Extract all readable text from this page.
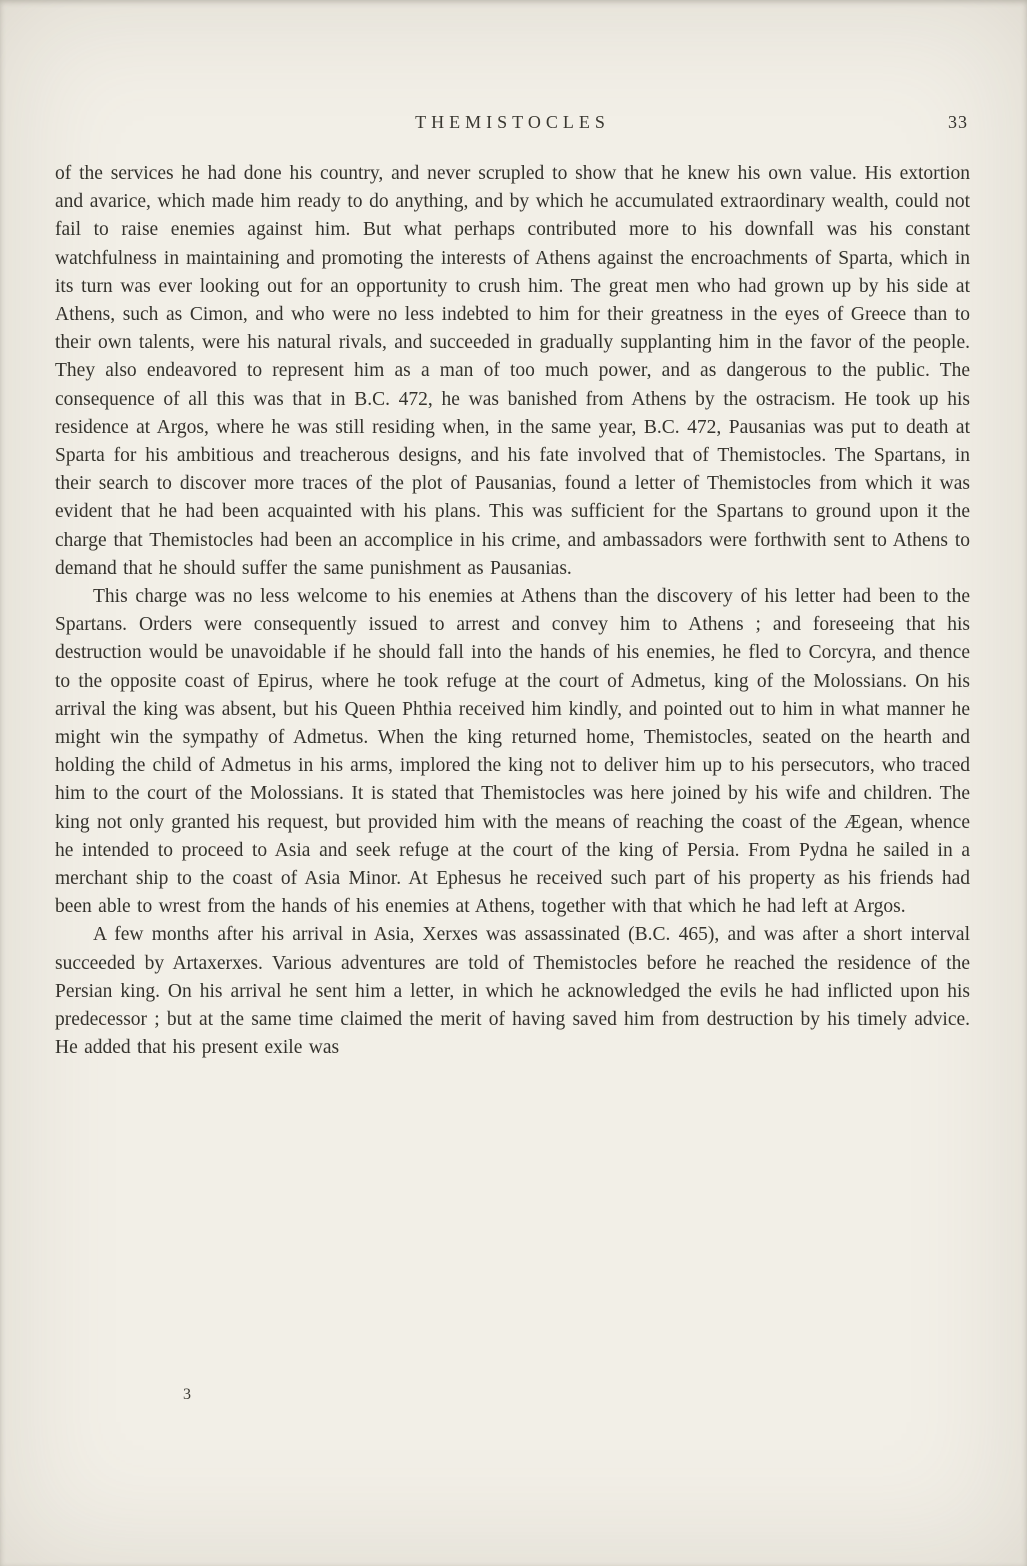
THEMISTOCLES	33

of the services he had done his country, and never scrupled to show that he knew his own value. His extortion and avarice, which made him ready to do anything, and by which he accumulated extraordinary wealth, could not fail to raise enemies against him. But what perhaps contributed more to his downfall was his constant watchfulness in maintaining and promoting the interests of Athens against the encroachments of Sparta, which in its turn was ever looking out for an opportunity to crush him. The great men who had grown up by his side at Athens, such as Cimon, and who were no less indebted to him for their greatness in the eyes of Greece than to their own talents, were his natural rivals, and succeeded in gradually supplanting him in the favor of the people. They also endeavored to represent him as a man of too much power, and as dangerous to the public. The consequence of all this was that in B.C. 472, he was banished from Athens by the ostracism. He took up his residence at Argos, where he was still residing when, in the same year, B.C. 472, Pausanias was put to death at Sparta for his ambitious and treacherous designs, and his fate involved that of Themistocles. The Spartans, in their search to discover more traces of the plot of Pausanias, found a letter of Themistocles from which it was evident that he had been acquainted with his plans. This was sufficient for the Spartans to ground upon it the charge that Themistocles had been an accomplice in his crime, and ambassadors were forthwith sent to Athens to demand that he should suffer the same punishment as Pausanias.

This charge was no less welcome to his enemies at Athens than the discovery of his letter had been to the Spartans. Orders were consequently issued to arrest and convey him to Athens ; and foreseeing that his destruction would be unavoidable if he should fall into the hands of his enemies, he fled to Corcyra, and thence to the opposite coast of Epirus, where he took refuge at the court of Admetus, king of the Molossians. On his arrival the king was absent, but his Queen Phthia received him kindly, and pointed out to him in what manner he might win the sympathy of Admetus. When the king returned home, Themistocles, seated on the hearth and holding the child of Admetus in his arms, implored the king not to deliver him up to his persecutors, who traced him to the court of the Molossians. It is stated that Themistocles was here joined by his wife and children. The king not only granted his request, but provided him with the means of reaching the coast of the Ægean, whence he intended to proceed to Asia and seek refuge at the court of the king of Persia. From Pydna he sailed in a merchant ship to the coast of Asia Minor. At Ephesus he received such part of his property as his friends had been able to wrest from the hands of his enemies at Athens, together with that which he had left at Argos.

A few months after his arrival in Asia, Xerxes was assassinated (B.C. 465), and was after a short interval succeeded by Artaxerxes. Various adventures are told of Themistocles before he reached the residence of the Persian king. On his arrival he sent him a letter, in which he acknowledged the evils he had inflicted upon his predecessor ; but at the same time claimed the merit of having saved him from destruction by his timely advice. He added that his present exile was

3
